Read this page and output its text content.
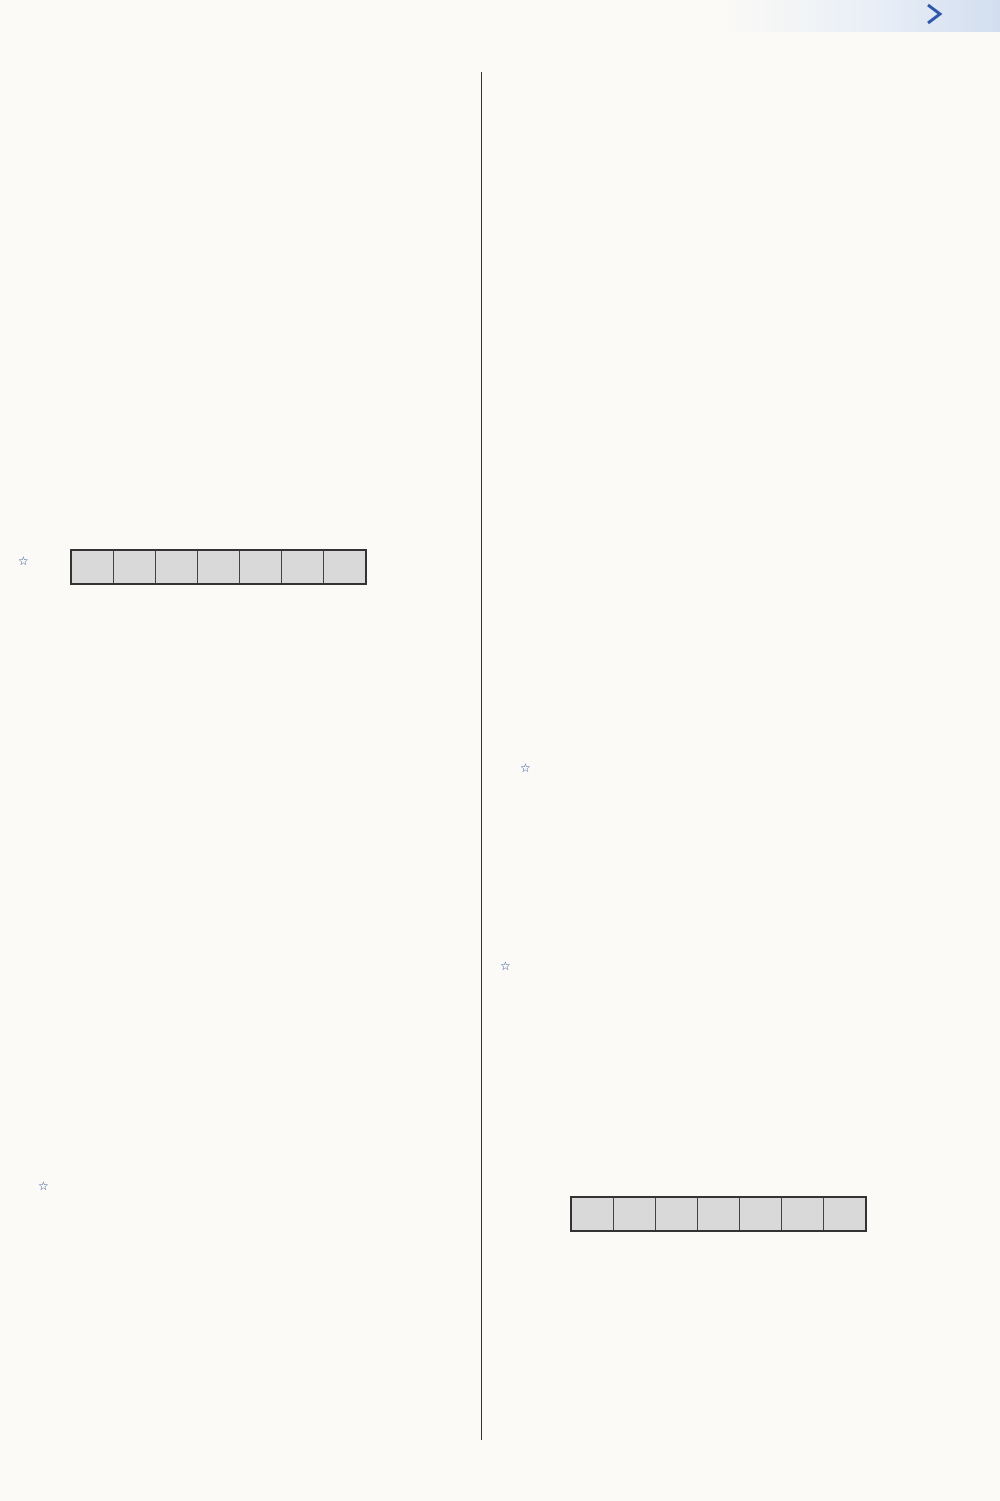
☆

☆

☆
☆
